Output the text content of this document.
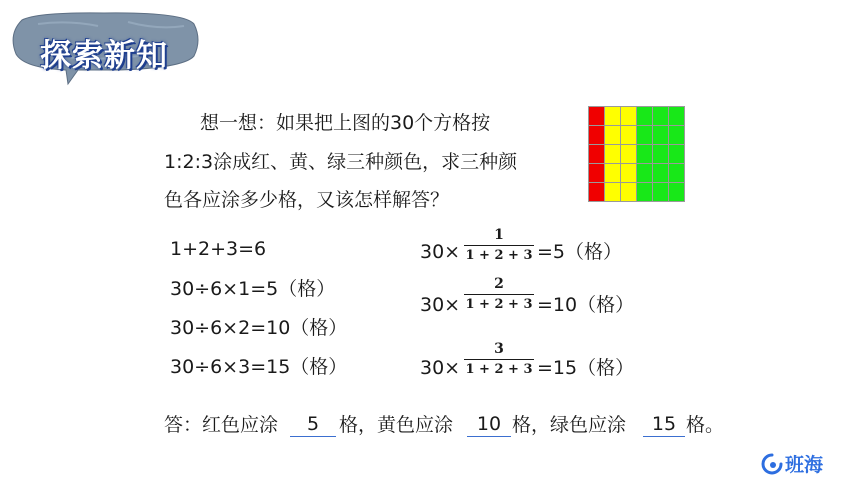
探索新知
想一想：如果把上图的30个方格按
1:2:3涂成红、黄、绿三种颜色，求三种颜
色各应涂多少格，又该怎样解答？
1+2+3=6
30÷6×1=5（格）
30÷6×2=10（格）
30÷6×3=15（格）
30×
1
1 + 2 + 3 =5（格）
30×
2
1 + 2 + 3 =10（格）
30×
3
1 + 2 + 3 =15（格）
答：红色应涂	5	格，黄色应涂	10 格，绿色应涂	15 格。
班海
